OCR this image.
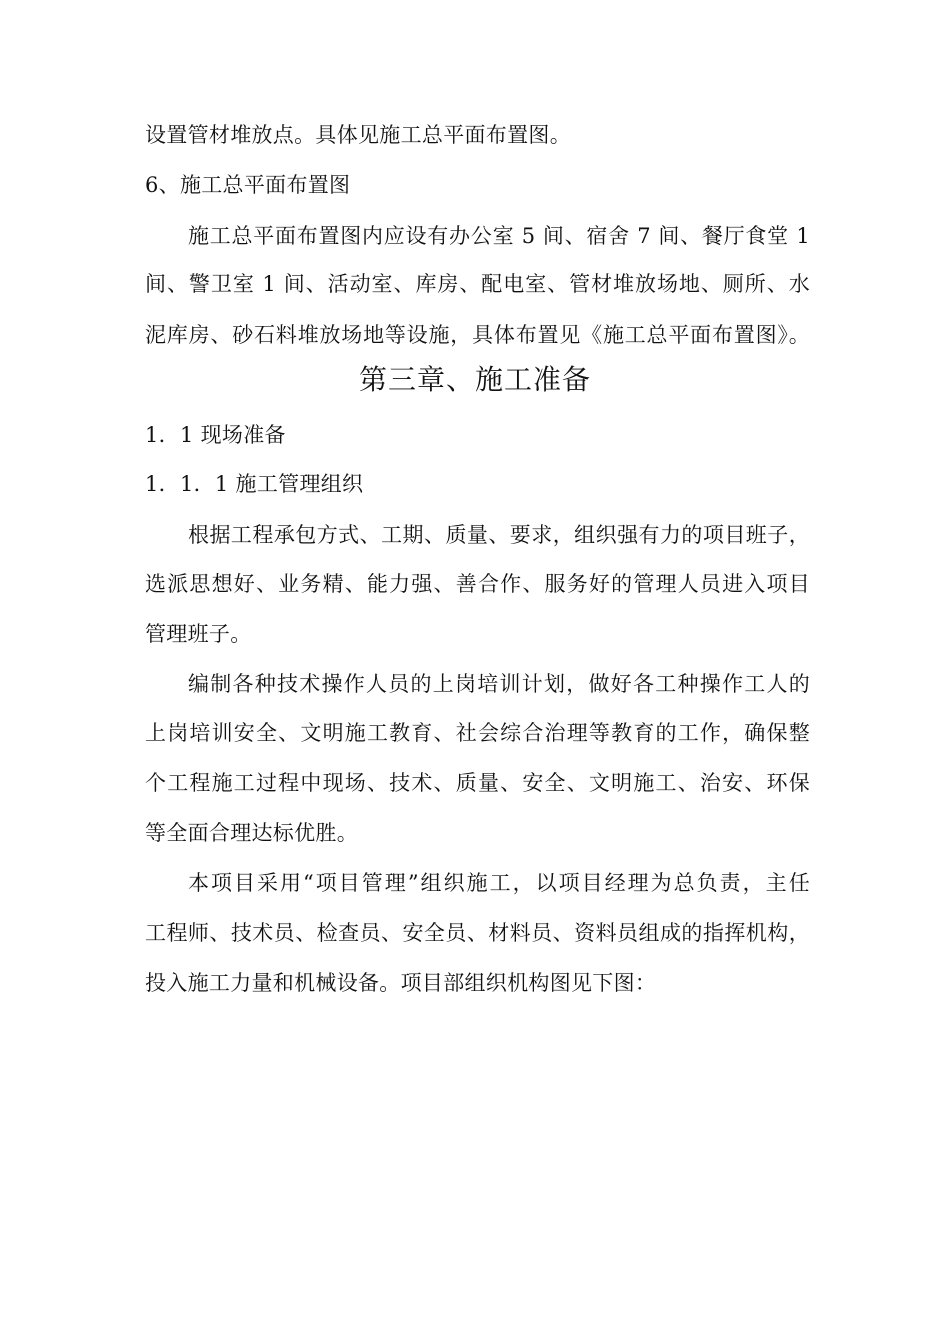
设置管材堆放点。具体见施工总平面布置图。
6、施工总平面布置图
施工总平面布置图内应设有办公室 5 间、宿舍 7 间、餐厅食堂 1
间、警卫室 1 间、活动室、库房、配电室、管材堆放场地、厕所、水
泥库房、砂石料堆放场地等设施，具体布置见《施工总平面布置图》。
第三章、施工准备
1．1 现场准备
1．1．1 施工管理组织
根据工程承包方式、工期、质量、要求，组织强有力的项目班子，
选派思想好、业务精、能力强、善合作、服务好的管理人员进入项目
管理班子。
编制各种技术操作人员的上岗培训计划，做好各工种操作工人的
上岗培训安全、文明施工教育、社会综合治理等教育的工作，确保整
个工程施工过程中现场、技术、质量、安全、文明施工、治安、环保
等全面合理达标优胜。
本项目采用“项目管理”组织施工，以项目经理为总负责，主任
工程师、技术员、检查员、安全员、材料员、资料员组成的指挥机构，
投入施工力量和机械设备。项目部组织机构图见下图：
